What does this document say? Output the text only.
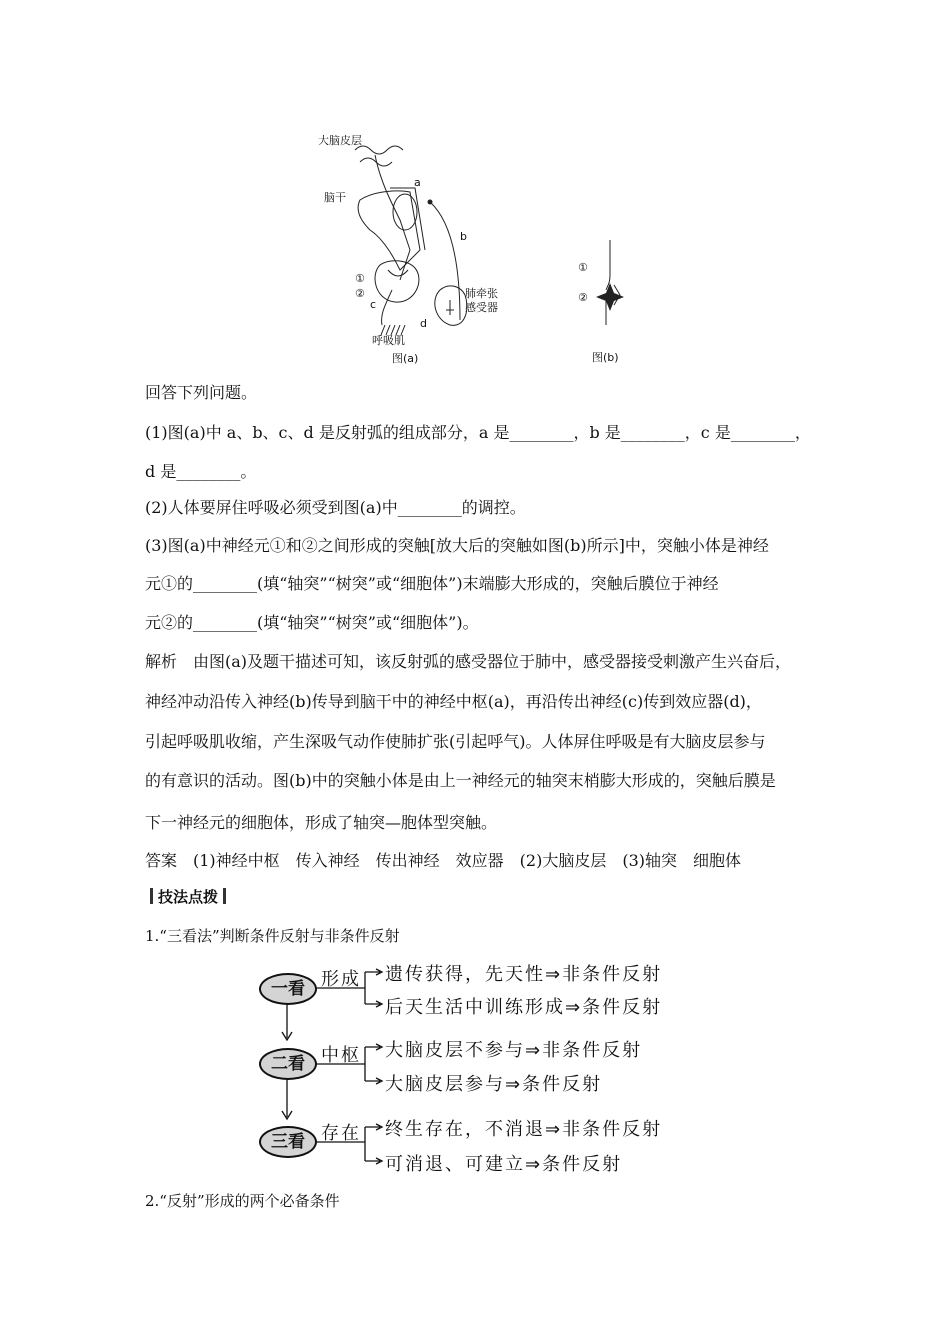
大脑皮层
脑干
a
b
c
d
①
②	肺牵张
感受器
呼吸肌
图(a)
①
②
图(b)
回答下列问题。
(1)图(a)中 a、b、c、d 是反射弧的组成部分，a 是________，b 是________，c 是________，
d 是________。
(2)人体要屏住呼吸必须受到图(a)中________的调控。
(3)图(a)中神经元①和②之间形成的突触[放大后的突触如图(b)所示]中，突触小体是神经
元①的________(填“轴突”“树突”或“细胞体”)末端膨大形成的，突触后膜位于神经
元②的________(填“轴突”“树突”或“细胞体”)。
解析　由图(a)及题干描述可知，该反射弧的感受器位于肺中，感受器接受刺激产生兴奋后，
神经冲动沿传入神经(b)传导到脑干中的神经中枢(a)，再沿传出神经(c)传到效应器(d)，
引起呼吸肌收缩，产生深吸气动作使肺扩张(引起呼气)。人体屏住呼吸是有大脑皮层参与
的有意识的活动。图(b)中的突触小体是由上一神经元的轴突末梢膨大形成的，突触后膜是
下一神经元的细胞体，形成了轴突—胞体型突触。
答案　(1)神经中枢　传入神经　传出神经　效应器　(2)大脑皮层　(3)轴突　细胞体
技法点拨
1.“三看法”判断条件反射与非条件反射
一看
二看
三看
形成
中枢
存在
遗传获得，先天性⇒非条件反射
后天生活中训练形成⇒条件反射
大脑皮层不参与⇒非条件反射
大脑皮层参与⇒条件反射
终生存在，不消退⇒非条件反射
可消退、可建立⇒条件反射
2.“反射”形成的两个必备条件
